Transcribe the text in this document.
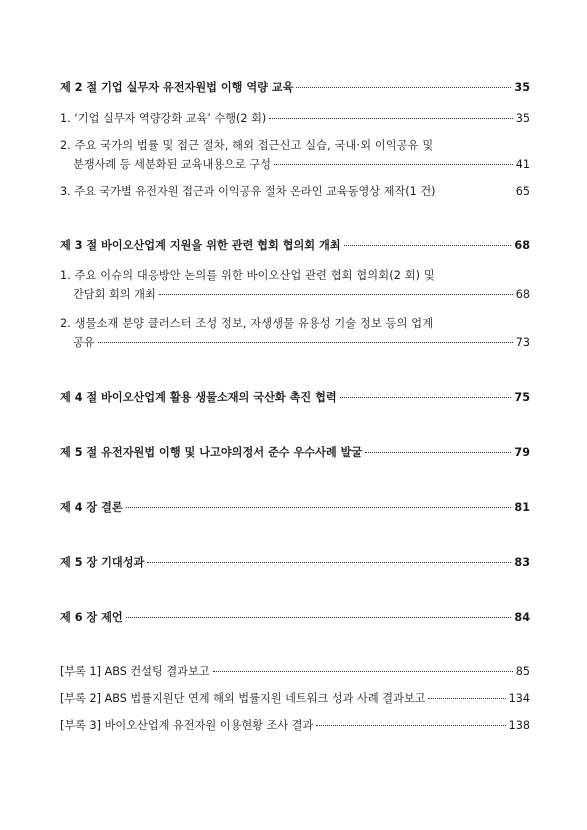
제 2 절 기업 실무자 유전자원법 이행 역량 교육	35
1. ‘기업 실무자 역량강화 교육’ 수행(2 회)	35
2. 주요 국가의 법률 및 접근 절차, 해외 접근신고 실습, 국내·외 이익공유 및
분쟁사례 등 세분화된 교육내용으로 구성	41
3. 주요 국가별 유전자원 접근과 이익공유 절차 온라인 교육동영상 제작(1 건)	65
제 3 절 바이오산업계 지원을 위한 관련 협회 협의회 개최	68
1. 주요 이슈의 대응방안 논의를 위한 바이오산업 관련 협회 협의회(2 회) 및
간담회 회의 개최	68
2. 생물소재 분양 클러스터 조성 정보, 자생생물 유용성 기술 정보 등의 업계
공유	73
제 4 절 바이오산업계 활용 생물소재의 국산화 촉진 협력	75
제 5 절 유전자원법 이행 및 나고야의정서 준수 우수사례 발굴	79
제 4 장 결론	81
제 5 장 기대성과	83
제 6 장 제언	84
[부록 1] ABS 컨설팅 결과보고	85
[부록 2] ABS 법률지원단 연계 해외 법률지원 네트워크 성과 사례 결과보고	134
[부록 3] 바이오산업계 유전자원 이용현황 조사 결과	138
